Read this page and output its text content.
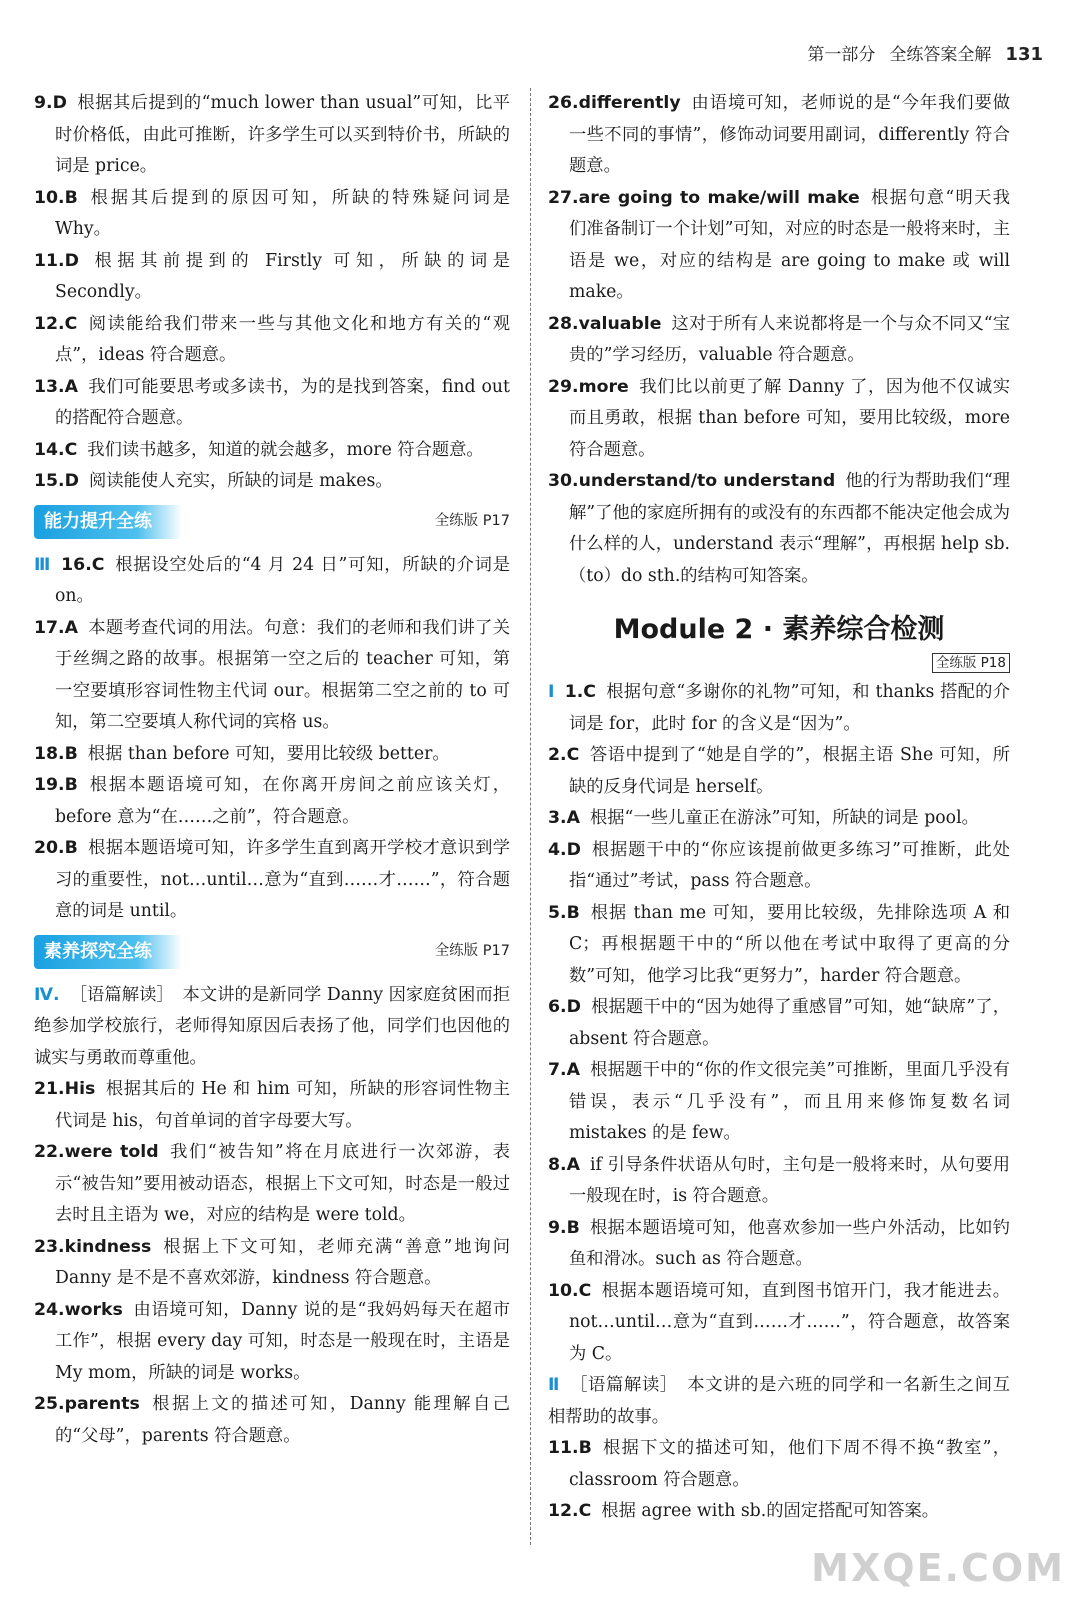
第一部分 全练答案全解 131

9.D 根据其后提到的“much lower than usual”可知，比平时价格低，由此可推断，许多学生可以买到特价书，所缺的词是 price。

10.B 根据其后提到的原因可知，所缺的特殊疑问词是 Why。

11.D 根据其前提到的 Firstly 可知，所缺的词是 Secondly。

12.C 阅读能给我们带来一些与其他文化和地方有关的“观点”，ideas 符合题意。

13.A 我们可能要思考或多读书，为的是找到答案，find out 的搭配符合题意。

14.C 我们读书越多，知道的就会越多，more 符合题意。

15.D 阅读能使人充实，所缺的词是 makes。

能力提升全练	全练版 P17

Ⅲ 16.C 根据设空处后的“4 月 24 日”可知，所缺的介词是 on。

17.A 本题考查代词的用法。句意：我们的老师和我们讲了关于丝绸之路的故事。根据第一空之后的 teacher 可知，第一空要填形容词性物主代词 our。根据第二空之前的 to 可知，第二空要填人称代词的宾格 us。

18.B 根据 than before 可知，要用比较级 better。

19.B 根据本题语境可知，在你离开房间之前应该关灯，before 意为“在……之前”，符合题意。

20.B 根据本题语境可知，许多学生直到离开学校才意识到学习的重要性，not…until…意为“直到……才……”，符合题意的词是 until。

素养探究全练	全练版 P17

Ⅳ. ［语篇解读］　本文讲的是新同学 Danny 因家庭贫困而拒绝参加学校旅行，老师得知原因后表扬了他，同学们也因他的诚实与勇敢而尊重他。

21.His 根据其后的 He 和 him 可知，所缺的形容词性物主代词是 his，句首单词的首字母要大写。

22.were told 我们“被告知”将在月底进行一次郊游，表示“被告知”要用被动语态，根据上下文可知，时态是一般过去时且主语为 we，对应的结构是 were told。

23.kindness 根据上下文可知，老师充满“善意”地询问 Danny 是不是不喜欢郊游，kindness 符合题意。

24.works 由语境可知，Danny 说的是“我妈妈每天在超市工作”，根据 every day 可知，时态是一般现在时，主语是 My mom，所缺的词是 works。

25.parents 根据上文的描述可知，Danny 能理解自己的“父母”，parents 符合题意。

26.differently 由语境可知，老师说的是“今年我们要做一些不同的事情”，修饰动词要用副词，differently 符合题意。

27.are going to make/will make 根据句意“明天我们准备制订一个计划”可知，对应的时态是一般将来时，主语是 we，对应的结构是 are going to make 或 will make。

28.valuable 这对于所有人来说都将是一个与众不同又“宝贵的”学习经历，valuable 符合题意。

29.more 我们比以前更了解 Danny 了，因为他不仅诚实而且勇敢，根据 than before 可知，要用比较级，more 符合题意。

30.understand/to understand 他的行为帮助我们“理解”了他的家庭所拥有的或没有的东西都不能决定他会成为什么样的人，understand 表示“理解”，再根据 help sb.（to）do sth.的结构可知答案。

Module 2 · 素养综合检测
全练版 P18

Ⅰ 1.C 根据句意“多谢你的礼物”可知，和 thanks 搭配的介词是 for，此时 for 的含义是“因为”。

2.C 答语中提到了“她是自学的”，根据主语 She 可知，所缺的反身代词是 herself。

3.A 根据“一些儿童正在游泳”可知，所缺的词是 pool。

4.D 根据题干中的“你应该提前做更多练习”可推断，此处指“通过”考试，pass 符合题意。

5.B 根据 than me 可知，要用比较级，先排除选项 A 和 C；再根据题干中的“所以他在考试中取得了更高的分数”可知，他学习比我“更努力”，harder 符合题意。

6.D 根据题干中的“因为她得了重感冒”可知，她“缺席”了，absent 符合题意。

7.A 根据题干中的“你的作文很完美”可推断，里面几乎没有错误，表示“几乎没有”，而且用来修饰复数名词 mistakes 的是 few。

8.A if 引导条件状语从句时，主句是一般将来时，从句要用一般现在时，is 符合题意。

9.B 根据本题语境可知，他喜欢参加一些户外活动，比如钓鱼和滑冰。such as 符合题意。

10.C 根据本题语境可知，直到图书馆开门，我才能进去。not…until…意为“直到……才……”，符合题意，故答案为 C。

Ⅱ ［语篇解读］　本文讲的是六班的同学和一名新生之间互相帮助的故事。

11.B 根据下文的描述可知，他们下周不得不换“教室”，classroom 符合题意。

12.C 根据 agree with sb.的固定搭配可知答案。

MXQE.COM
